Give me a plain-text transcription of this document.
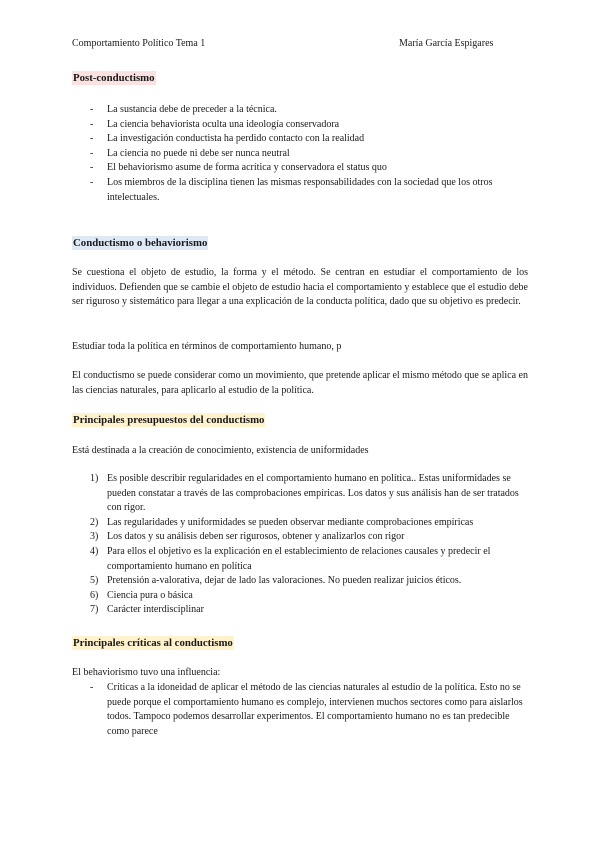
Comportamiento Político Tema 1	María García Espigares
Post-conductismo
- La sustancia debe de preceder a la técnica.
- La ciencia behaviorista oculta una ideología conservadora
- La investigación conductista ha perdido contacto con la realidad
- La ciencia no puede ni debe ser nunca neutral
- El behaviorismo asume de forma acrítica y conservadora el status quo
- Los miembros de la disciplina tienen las mismas responsabilidades con la sociedad que los otros intelectuales.
Conductismo o behaviorismo

Se cuestiona el objeto de estudio, la forma y el método. Se centran en estudiar el comportamiento de los individuos. Defienden que se cambie el objeto de estudio hacia el comportamiento y establece que el estudio debe ser riguroso y sistemático para llegar a una explicación de la conducta política, dado que su objetivo es predecir.

Estudiar toda la política en términos de comportamiento humano, p

El conductismo se puede considerar como un movimiento, que pretende aplicar el mismo método que se aplica en las ciencias naturales, para aplicarlo al estudio de la política.

Principales presupuestos del conductismo

Está destinada a la creación de conocimiento, existencia de uniformidades

1) Es posible describir regularidades en el comportamiento humano en política.. Estas uniformidades se pueden constatar a través de las comprobaciones empíricas. Los datos y sus análisis han de ser tratados con rigor.
2) Las regularidades y uniformidades se pueden observar mediante comprobaciones empíricas
3) Los datos y su análisis deben ser rigurosos, obtener y analizarlos con rigor
4) Para ellos el objetivo es la explicación en el establecimiento de relaciones causales y predecir el comportamiento humano en política
5) Pretensión a-valorativa, dejar de lado las valoraciones. No pueden realizar juicios éticos.
6) Ciencia pura o básica
7) Carácter interdisciplinar
Principales críticas al conductismo

El behaviorismo tuvo una influencia:

- Críticas a la idoneidad de aplicar el método de las ciencias naturales al estudio de la política. Esto no se puede porque el comportamiento humano es complejo, intervienen muchos sectores como para aislarlos todos. Tampoco podemos desarrollar experimentos. El comportamiento humano no es tan predecible como parece
